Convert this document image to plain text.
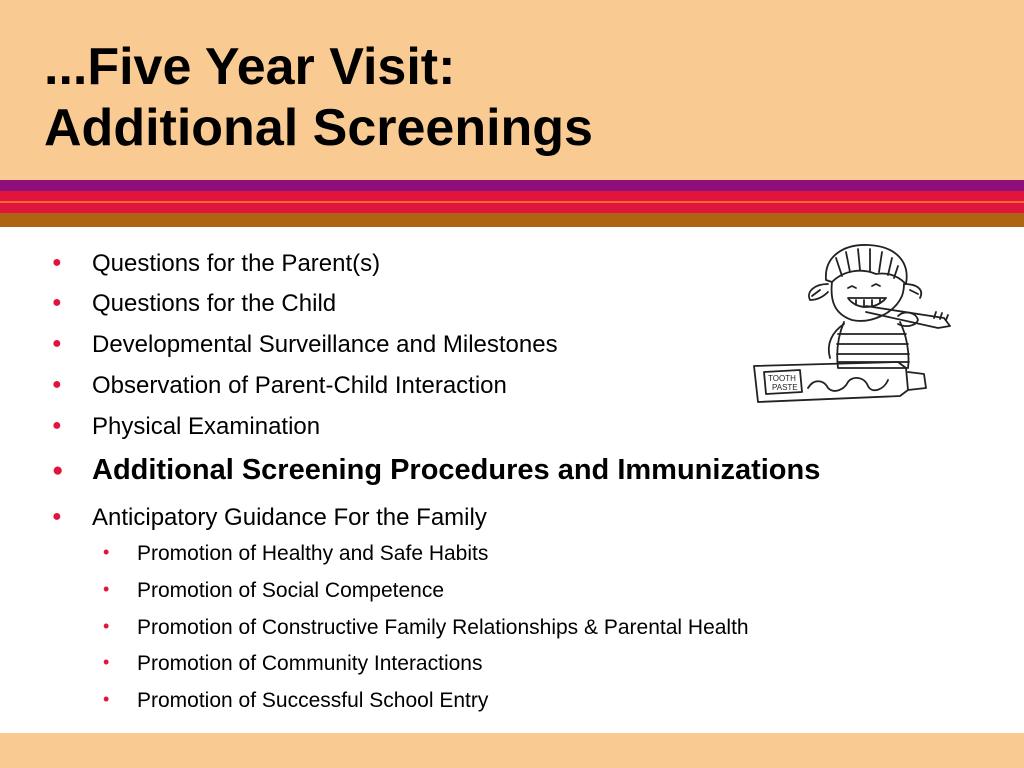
...Five Year Visit:
Additional Screenings
● Questions for the Parent(s)
● Questions for the Child
● Developmental Surveillance and Milestones
● Observation of Parent-Child Interaction
● Physical Examination
● Additional Screening Procedures and Immunizations
● Anticipatory Guidance For the Family
• Promotion of Healthy and Safe Habits
• Promotion of Social Competence
• Promotion of Constructive Family Relationships & Parental Health
• Promotion of Community Interactions
• Promotion of Successful School Entry
TOOTH
PASTE
